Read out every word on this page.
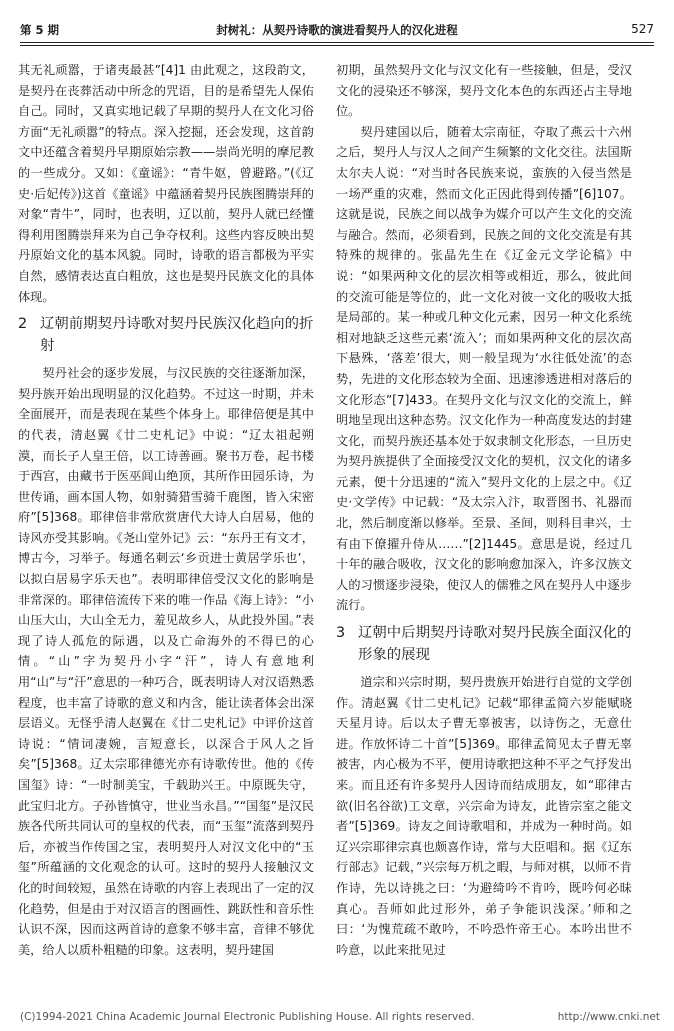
第 5 期	封树礼：从契丹诗歌的演进看契丹人的汉化进程	527

其无礼顽嚣，于诸夷最甚”[4]1 由此观之，这段韵文，是契丹在丧葬活动中所念的咒语，目的是希望先人保佑自己。同时，又真实地记载了早期的契丹人在文化习俗方面“无礼顽嚣”的特点。深入挖掘，还会发现，这首韵文中还蕴含着契丹早期原始宗教——崇尚光明的摩尼教的一些成分。又如：《童谣》：“青牛妪，曾避路。”(《辽史·后妃传》)这首《童谣》中蕴涵着契丹民族图腾崇拜的对象“青牛”，同时，也表明，辽以前，契丹人就已经懂得利用图腾崇拜来为自己争夺权利。这些内容反映出契丹原始文化的基本风貌。同时，诗歌的语言都极为平实自然，感情表达直白粗放，这也是契丹民族文化的具体体现。

2 辽朝前期契丹诗歌对契丹民族汉化趋向的折射

契丹社会的逐步发展，与汉民族的交往逐渐加深，契丹族开始出现明显的汉化趋势。不过这一时期，并未全面展开，而是表现在某些个体身上。耶律倍便是其中的代表，清赵翼《廿二史札记》中说：“辽太祖起朔漠，而长子人皇王倍，以工诗善画。聚书万卷，起书楼于西宫，由藏书于医巫闾山绝顶，其所作田园乐诗，为世传诵，画本国人物，如射骑猎雪骑千鹿图，皆入宋密府”[5]368。耶律倍非常欣赏唐代大诗人白居易，他的诗风亦受其影响。《尧山堂外记》云：“东丹王有文才，博古今，习举子。每通名刺云‘乡贡进士黄居学乐也’，以拟白居易字乐天也”。表明耶律倍受汉文化的影响是非常深的。耶律倍流传下来的唯一作品《海上诗》：“小山压大山，大山全无力，羞见故乡人，从此投外国。”表现了诗人孤危的际遇，以及亡命海外的不得已的心情。“山”字为契丹小字“汗”，诗人有意地利用“山”与“汗”意思的一种巧合，既表明诗人对汉语熟悉程度，也丰富了诗歌的意义和内含，能让读者体会出深层语义。无怪乎清人赵翼在《廿二史札记》中评价这首诗说：“情词凄婉，言短意长，以深合于风人之旨矣”[5]368。辽太宗耶律德光亦有诗歌传世。他的《传国玺》诗：“一时制美宝，千载助兴王。中原既失守，此宝归北方。子孙皆慎守，世业当永昌。”“国玺”是汉民族各代所共同认可的皇权的代表，而“玉玺”流落到契丹后，亦被当作传国之宝，表明契丹人对汉文化中的“玉玺”所蕴涵的文化观念的认可。这时的契丹人接触汉文化的时间较短，虽然在诗歌的内容上表现出了一定的汉化趋势，但是由于对汉语言的图画性、跳跃性和音乐性认识不深，因而这两首诗的意象不够丰富，音律不够优美，给人以质朴粗糙的印象。这表明，契丹建国

初期，虽然契丹文化与汉文化有一些接触，但是，受汉文化的浸染还不够深，契丹文化本色的东西还占主导地位。

契丹建国以后，随着太宗南征，夺取了燕云十六州之后，契丹人与汉人之间产生频繁的文化交往。法国斯太尔夫人说：“对当时各民族来说，蛮族的入侵当然是一场严重的灾难，然而文化正因此得到传播”[6]107。这就是说，民族之间以战争为媒介可以产生文化的交流与融合。然而，必须看到，民族之间的文化交流是有其特殊的规律的。张晶先生在《辽金元文学论稿》中说：“如果两种文化的层次相等或相近，那么，彼此间的交流可能是等位的，此一文化对彼一文化的吸收大抵是局部的。某一种或几种文化元素，因另一种文化系统相对地缺乏这些元素‘流入’；而如果两种文化的层次高下悬殊，‘落差’很大，则一般呈现为‘水往低处流’的态势，先进的文化形态较为全面、迅速渗透进相对落后的文化形态”[7]433。在契丹文化与汉文化的交流上，鲜明地呈现出这种态势。汉文化作为一种高度发达的封建文化，而契丹族还基本处于奴隶制文化形态，一旦历史为契丹族提供了全面接受汉文化的契机，汉文化的诸多元素，便十分迅速的“流入”契丹文化的上层之中。《辽史·文学传》中记载：“及太宗入汴，取晋图书、礼器而北，然后制度渐以修举。至景、圣间，则科目聿兴，士有由下僚擢升侍从……”[2]1445。意思是说，经过几十年的融合吸收，汉文化的影响愈加深入，许多汉族文人的习惯逐步浸染，使汉人的儒雅之风在契丹人中逐步流行。

3 辽朝中后期契丹诗歌对契丹民族全面汉化的形象的展现

道宗和兴宗时期，契丹贵族开始进行自觉的文学创作。清赵翼《廿二史札记》记载“耶律孟简六岁能赋晓天星月诗。后以太子曹无辜被害，以诗伤之，无意仕进。作放怀诗二十首”[5]369。耶律孟简见太子曹无辜被害，内心极为不平，便用诗歌把这种不平之气抒发出来。而且还有许多契丹人因诗而结成朋友，如“耶律古欲(旧名谷欲)工文章，兴宗命为诗友，此皆宗室之能文者”[5]369。诗友之间诗歌唱和，并成为一种时尚。如辽兴宗耶律宗真也颇喜作诗，常与大臣唱和。据《辽东行部志》记载，”兴宗每万机之暇，与师对棋，以师不肯作诗，先以诗挑之曰：‘为避绮吟不肯吟，既吟何必昧真心。吾师如此过形外，弟子争能识浅深。’师和之曰：‘为愧荒疏不敢吟，不吟恐忤帝王心。本吟出世不吟意，以此来批见过

(C)1994-2021 China Academic Journal Electronic Publishing House. All rights reserved.	http://www.cnki.net
